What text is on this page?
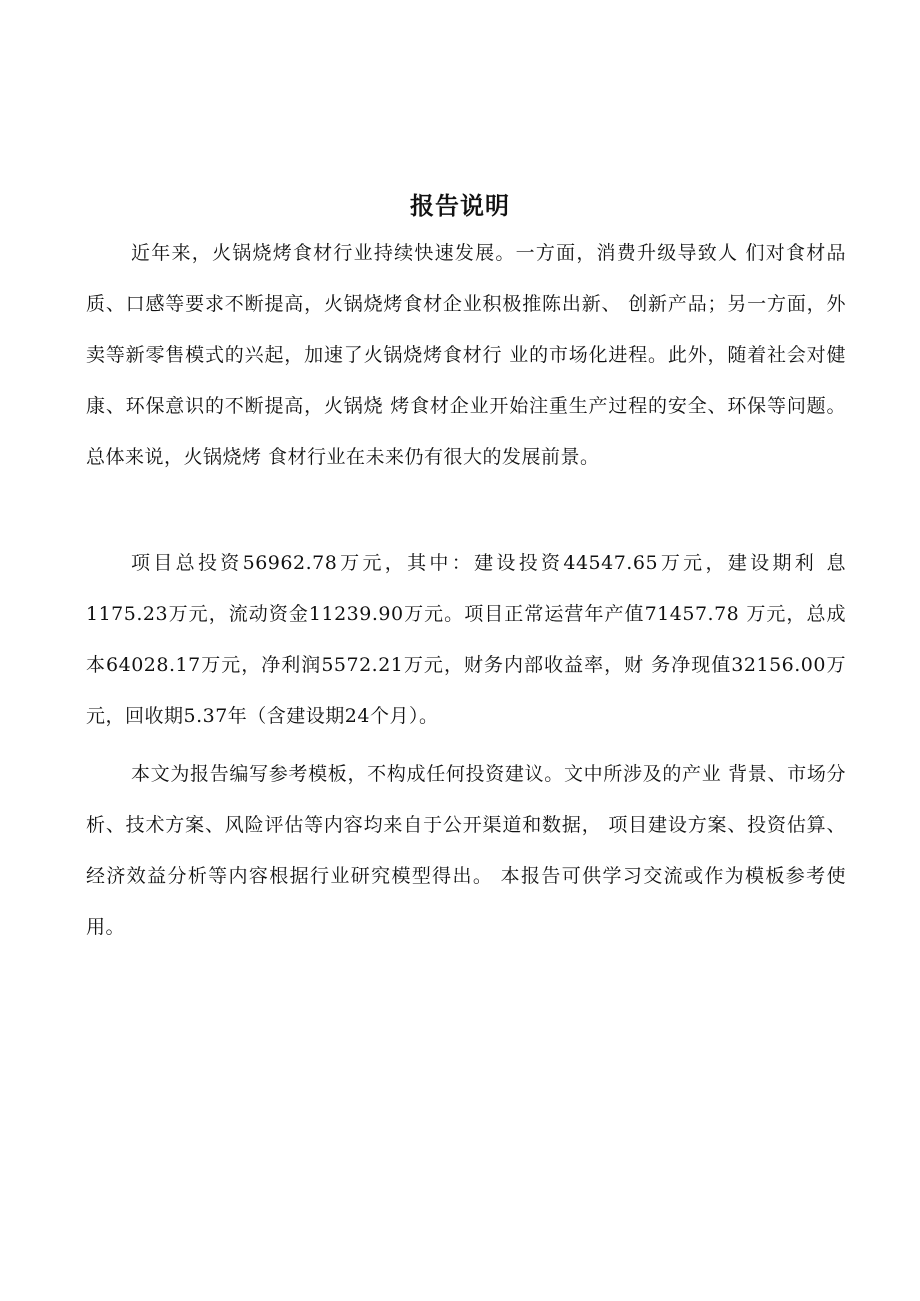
报告说明

近年来，火锅烧烤食材行业持续快速发展。一方面，消费升级导致人 们对食材品质、口感等要求不断提高，火锅烧烤食材企业积极推陈出新、 创新产品；另一方面，外卖等新零售模式的兴起，加速了火锅烧烤食材行 业的市场化进程。此外，随着社会对健康、环保意识的不断提高，火锅烧 烤食材企业开始注重生产过程的安全、环保等问题。总体来说，火锅烧烤 食材行业在未来仍有很大的发展前景。

项目总投资56962.78万元，其中：建设投资44547.65万元，建设期利 息1175.23万元，流动资金11239.90万元。项目正常运营年产值71457.78 万元，总成本64028.17万元，净利润5572.21万元，财务内部收益率，财 务净现值32156.00万元，回收期5.37年（含建设期24个月）。

本文为报告编写参考模板，不构成任何投资建议。文中所涉及的产业 背景、市场分析、技术方案、风险评估等内容均来自于公开渠道和数据， 项目建设方案、投资估算、经济效益分析等内容根据行业研究模型得出。 本报告可供学习交流或作为模板参考使用。
